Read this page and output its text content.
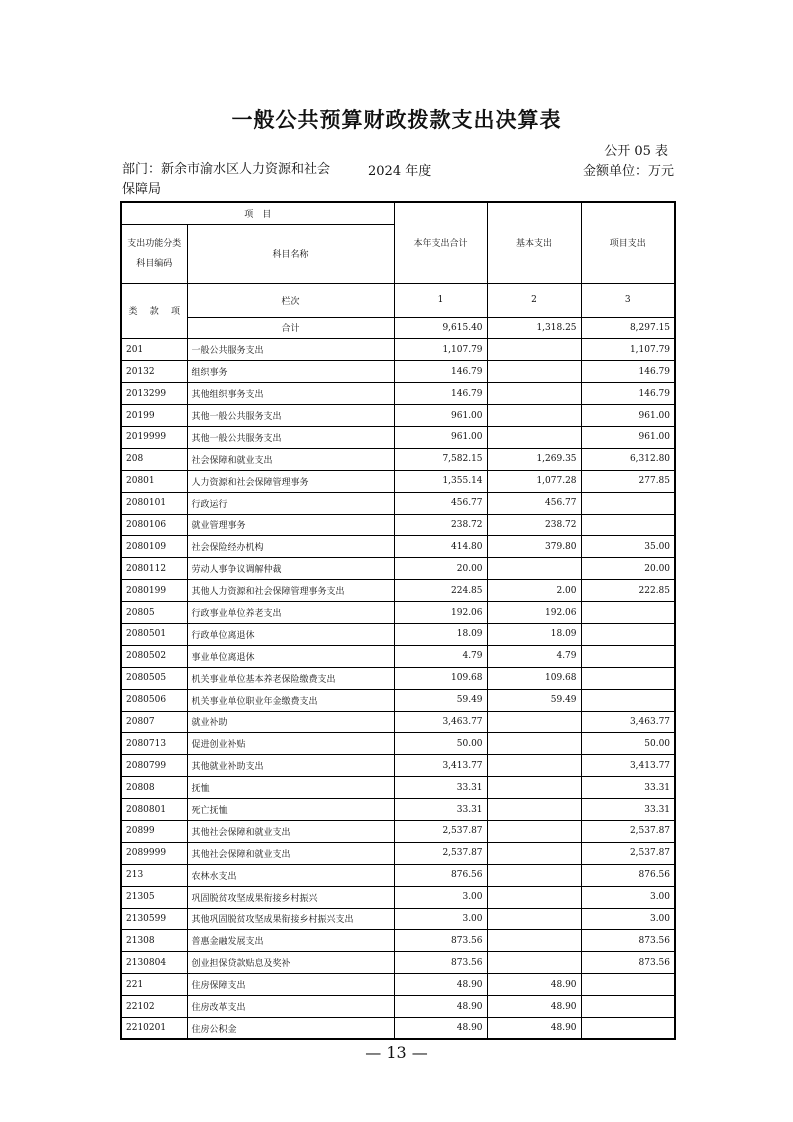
一般公共预算财政拨款支出决算表
公开 05 表
部门：新余市渝水区人力资源和社会保障局
2024 年度	金额单位：万元
项　目		本年支出合计	基本支出	项目支出
支出功能分类科目编码	科目名称			
类 款 项	栏次	1	2	3
	合计	9,615.40	1,318.25	8,297.15
201	一般公共服务支出	1,107.79		1,107.79
20132	组织事务	146.79		146.79
2013299	其他组织事务支出	146.79		146.79
20199	其他一般公共服务支出	961.00		961.00
2019999	其他一般公共服务支出	961.00		961.00
208	社会保障和就业支出	7,582.15	1,269.35	6,312.80
20801	人力资源和社会保障管理事务	1,355.14	1,077.28	277.85
2080101	行政运行	456.77	456.77	
2080106	就业管理事务	238.72	238.72	
2080109	社会保险经办机构	414.80	379.80	35.00
2080112	劳动人事争议调解仲裁	20.00		20.00
2080199	其他人力资源和社会保障管理事务支出	224.85	2.00	222.85
20805	行政事业单位养老支出	192.06	192.06	
2080501	行政单位离退休	18.09	18.09	
2080502	事业单位离退休	4.79	4.79	
2080505	机关事业单位基本养老保险缴费支出	109.68	109.68	
2080506	机关事业单位职业年金缴费支出	59.49	59.49	
20807	就业补助	3,463.77		3,463.77
2080713	促进创业补贴	50.00		50.00
2080799	其他就业补助支出	3,413.77		3,413.77
20808	抚恤	33.31		33.31
2080801	死亡抚恤	33.31		33.31
20899	其他社会保障和就业支出	2,537.87		2,537.87
2089999	其他社会保障和就业支出	2,537.87		2,537.87
213	农林水支出	876.56		876.56
21305	巩固脱贫攻坚成果衔接乡村振兴	3.00		3.00
2130599	其他巩固脱贫攻坚成果衔接乡村振兴支出	3.00		3.00
21308	普惠金融发展支出	873.56		873.56
2130804	创业担保贷款贴息及奖补	873.56		873.56
221	住房保障支出	48.90	48.90	
22102	住房改革支出	48.90	48.90	
2210201	住房公积金	48.90	48.90	
— 13 —
